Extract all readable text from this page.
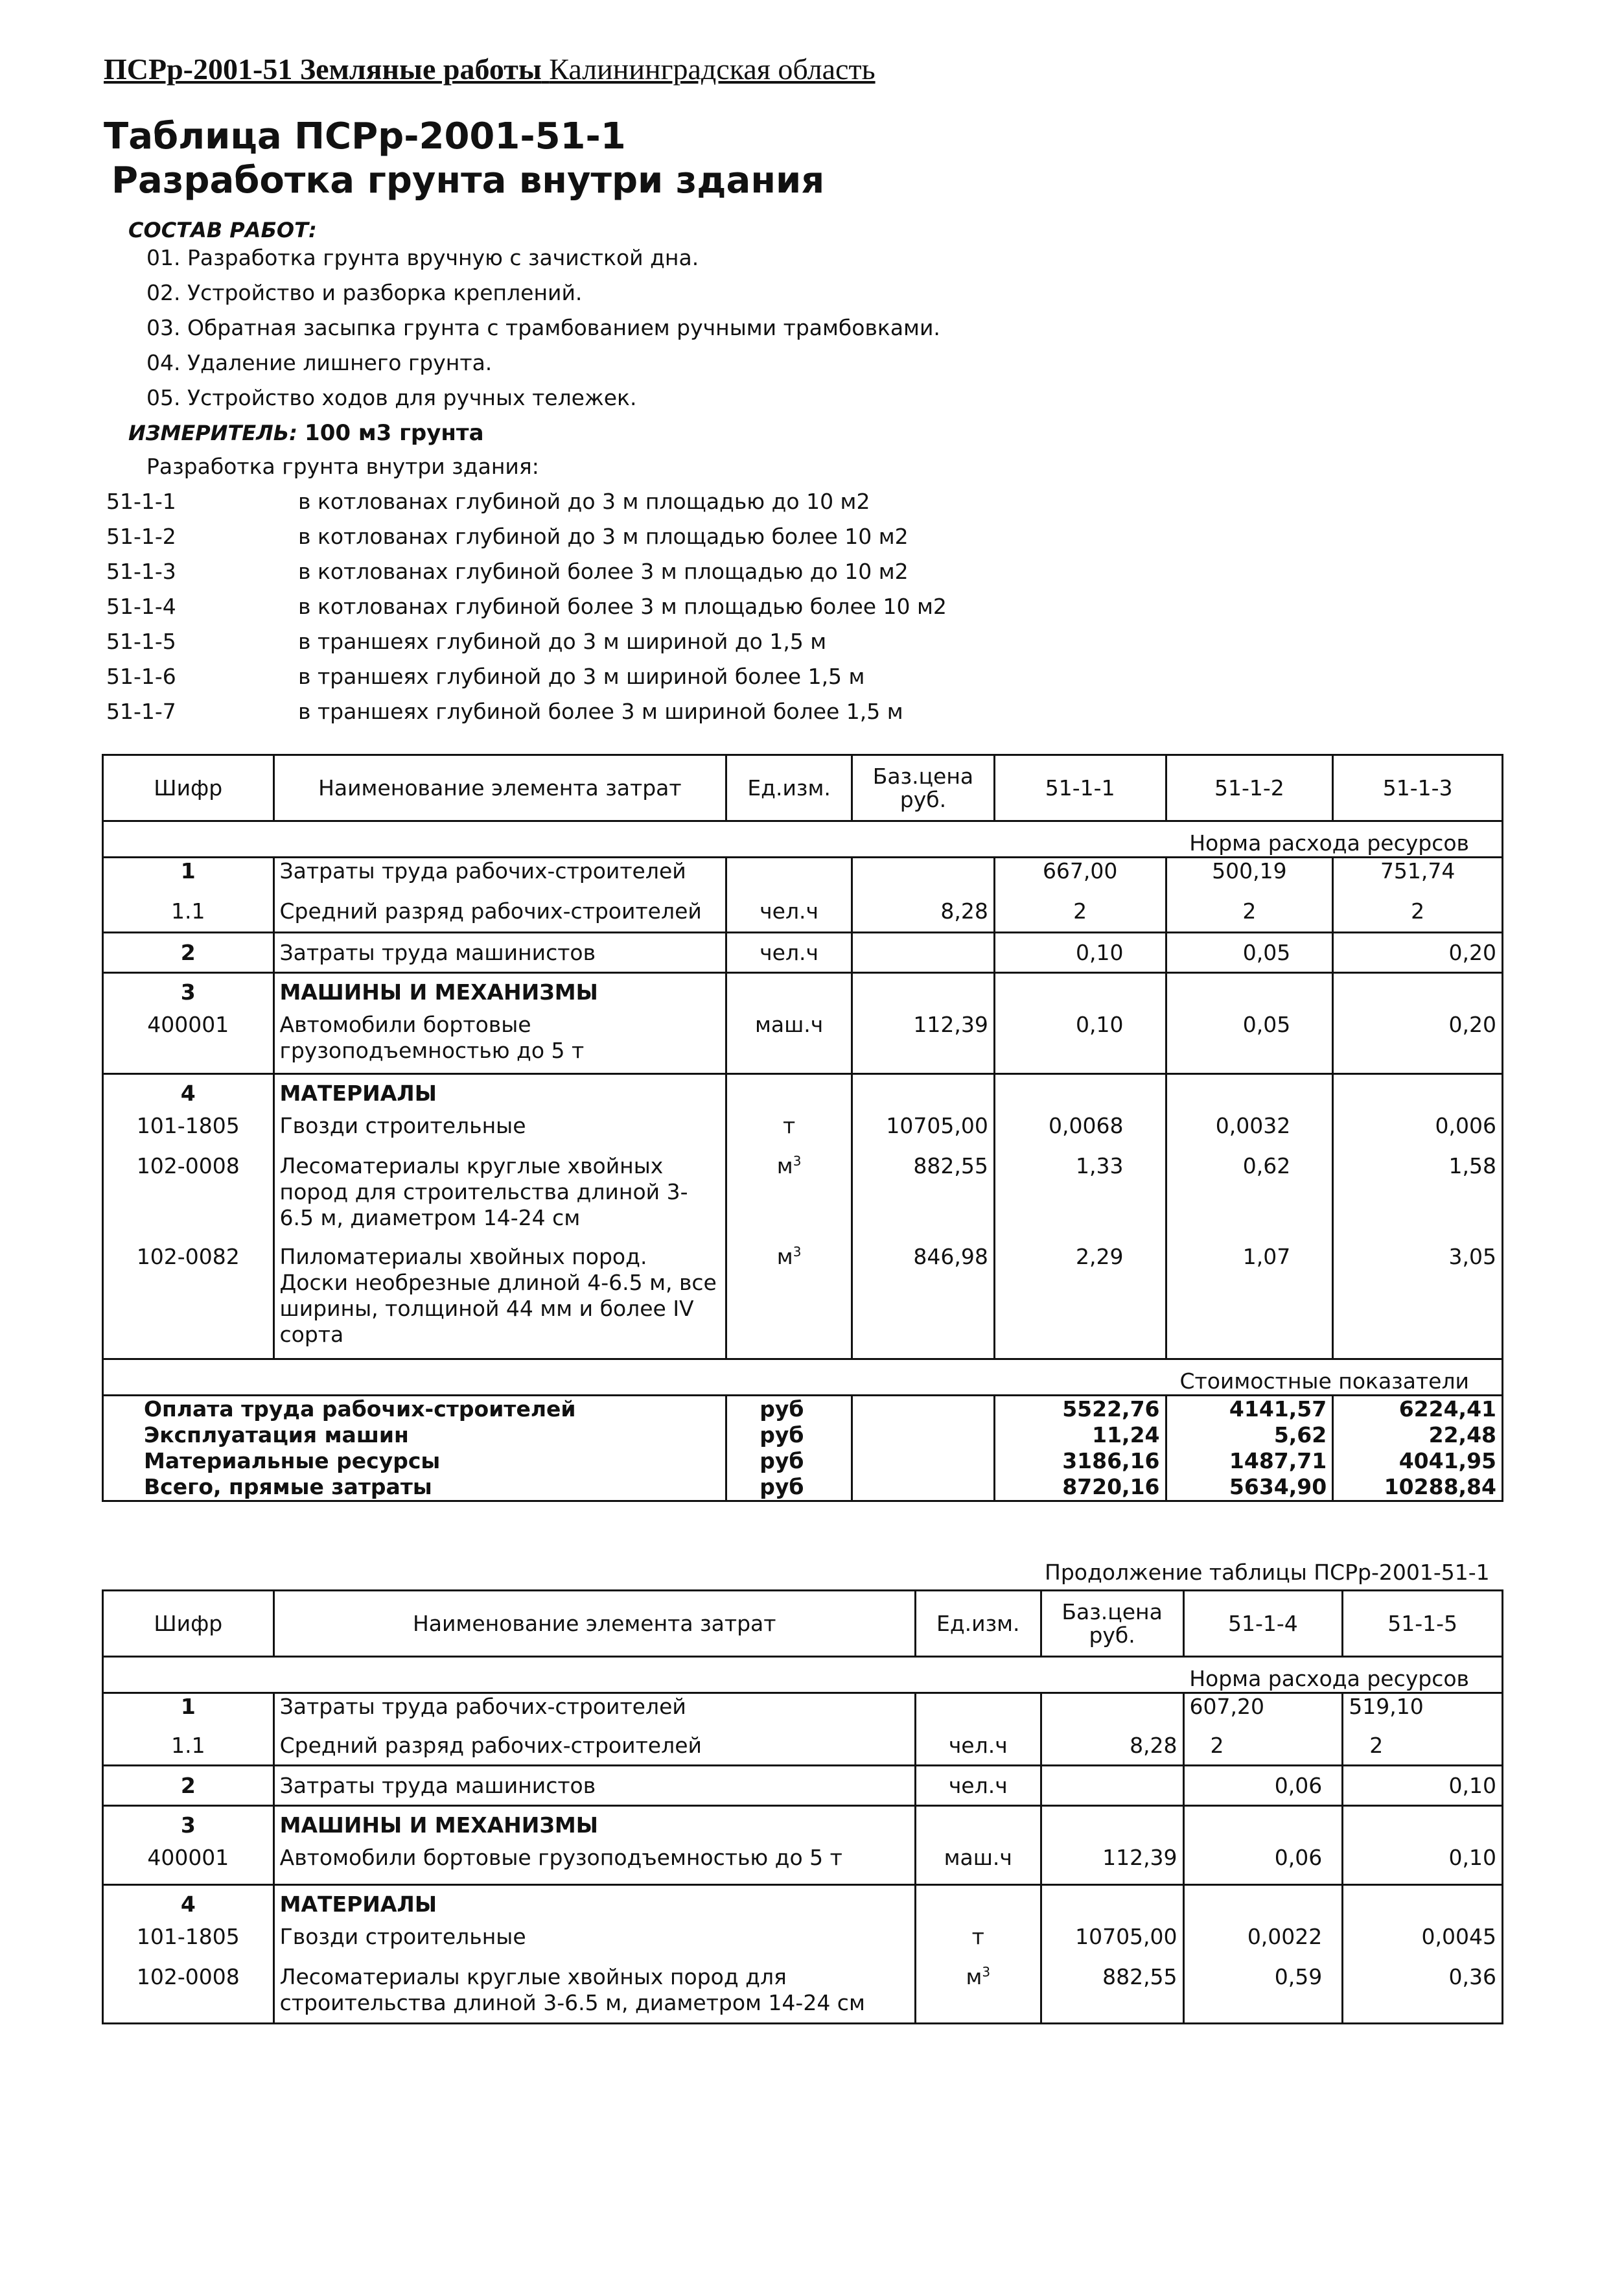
ПСРр-2001-51 Земляные работы Калининградская область
Таблица ПСРр-2001-51-1
Разработка грунта внутри здания
СОСТАВ РАБОТ:
01. Разработка грунта вручную с зачисткой дна.
02. Устройство и разборка креплений.
03. Обратная засыпка грунта с трамбованием ручными трамбовками.
04. Удаление лишнего грунта.
05. Устройство ходов для ручных тележек.
ИЗМЕРИТЕЛЬ: 100 м3 грунта
Разработка грунта внутри здания:
51-1-1	в котлованах глубиной до 3 м площадью до 10 м2
51-1-2	в котлованах глубиной до 3 м площадью более 10 м2
51-1-3	в котлованах глубиной более 3 м площадью до 10 м2
51-1-4	в котлованах глубиной более 3 м площадью более 10 м2
51-1-5	в траншеях глубиной до 3 м шириной до 1,5 м
51-1-6	в траншеях глубиной до 3 м шириной более 1,5 м
51-1-7	в траншеях глубиной более 3 м шириной более 1,5 м
Шифр	Наименование элемента затрат	Ед.изм.	Баз.цена руб.	51-1-1	51-1-2	51-1-3
Норма расхода ресурсов						
1	Затраты труда рабочих-строителей			667,00	500,19	751,74
1.1	Средний разряд рабочих-строителей	чел.ч	8,28	2	2	2
2	Затраты труда машинистов	чел.ч		0,10	0,05	0,20
3	МАШИНЫ И МЕХАНИЗМЫ					
400001	Автомобили бортовые грузоподъемностью до 5 т	маш.ч	112,39	0,10	0,05	0,20
4	МАТЕРИАЛЫ					
101-1805	Гвозди строительные	т	10705,00	0,0068	0,0032	0,006
102-0008	Лесоматериалы круглые хвойных пород для строительства длиной 3-6.5 м, диаметром 14-24 см	$м^3$	882,55	1,33	0,62	1,58
102-0082	Пиломатериалы хвойных пород. Доски необрезные длиной 4-6.5 м, все ширины, толщиной 44 мм и более IV сорта	$м^3$	846,98	2,29	1,07	3,05
Стоимостные показатели						
Оплата труда рабочих-строителей		руб		5522,76	4141,57	6224,41
Эксплуатация машин		руб		11,24	5,62	22,48
Материальные ресурсы		руб		3186,16	1487,71	4041,95
Всего, прямые затраты		руб		8720,16	5634,90	10288,84
Продолжение таблицы ПСРр-2001-51-1
Шифр	Наименование элемента затрат	Ед.изм.	Баз.цена руб.	51-1-4	51-1-5
Норма расхода ресурсов					
1	Затраты труда рабочих-строителей			607,20	519,10
1.1	Средний разряд рабочих-строителей	чел.ч	8,28	2	2
2	Затраты труда машинистов	чел.ч		0,06	0,10
3	МАШИНЫ И МЕХАНИЗМЫ				
400001	Автомобили бортовые грузоподъемностью до 5 т	маш.ч	112,39	0,06	0,10
4	МАТЕРИАЛЫ				
101-1805	Гвозди строительные	т	10705,00	0,0022	0,0045
102-0008	Лесоматериалы круглые хвойных пород для строительства длиной 3-6.5 м, диаметром 14-24 см	$м^3$	882,55	0,59	0,36
